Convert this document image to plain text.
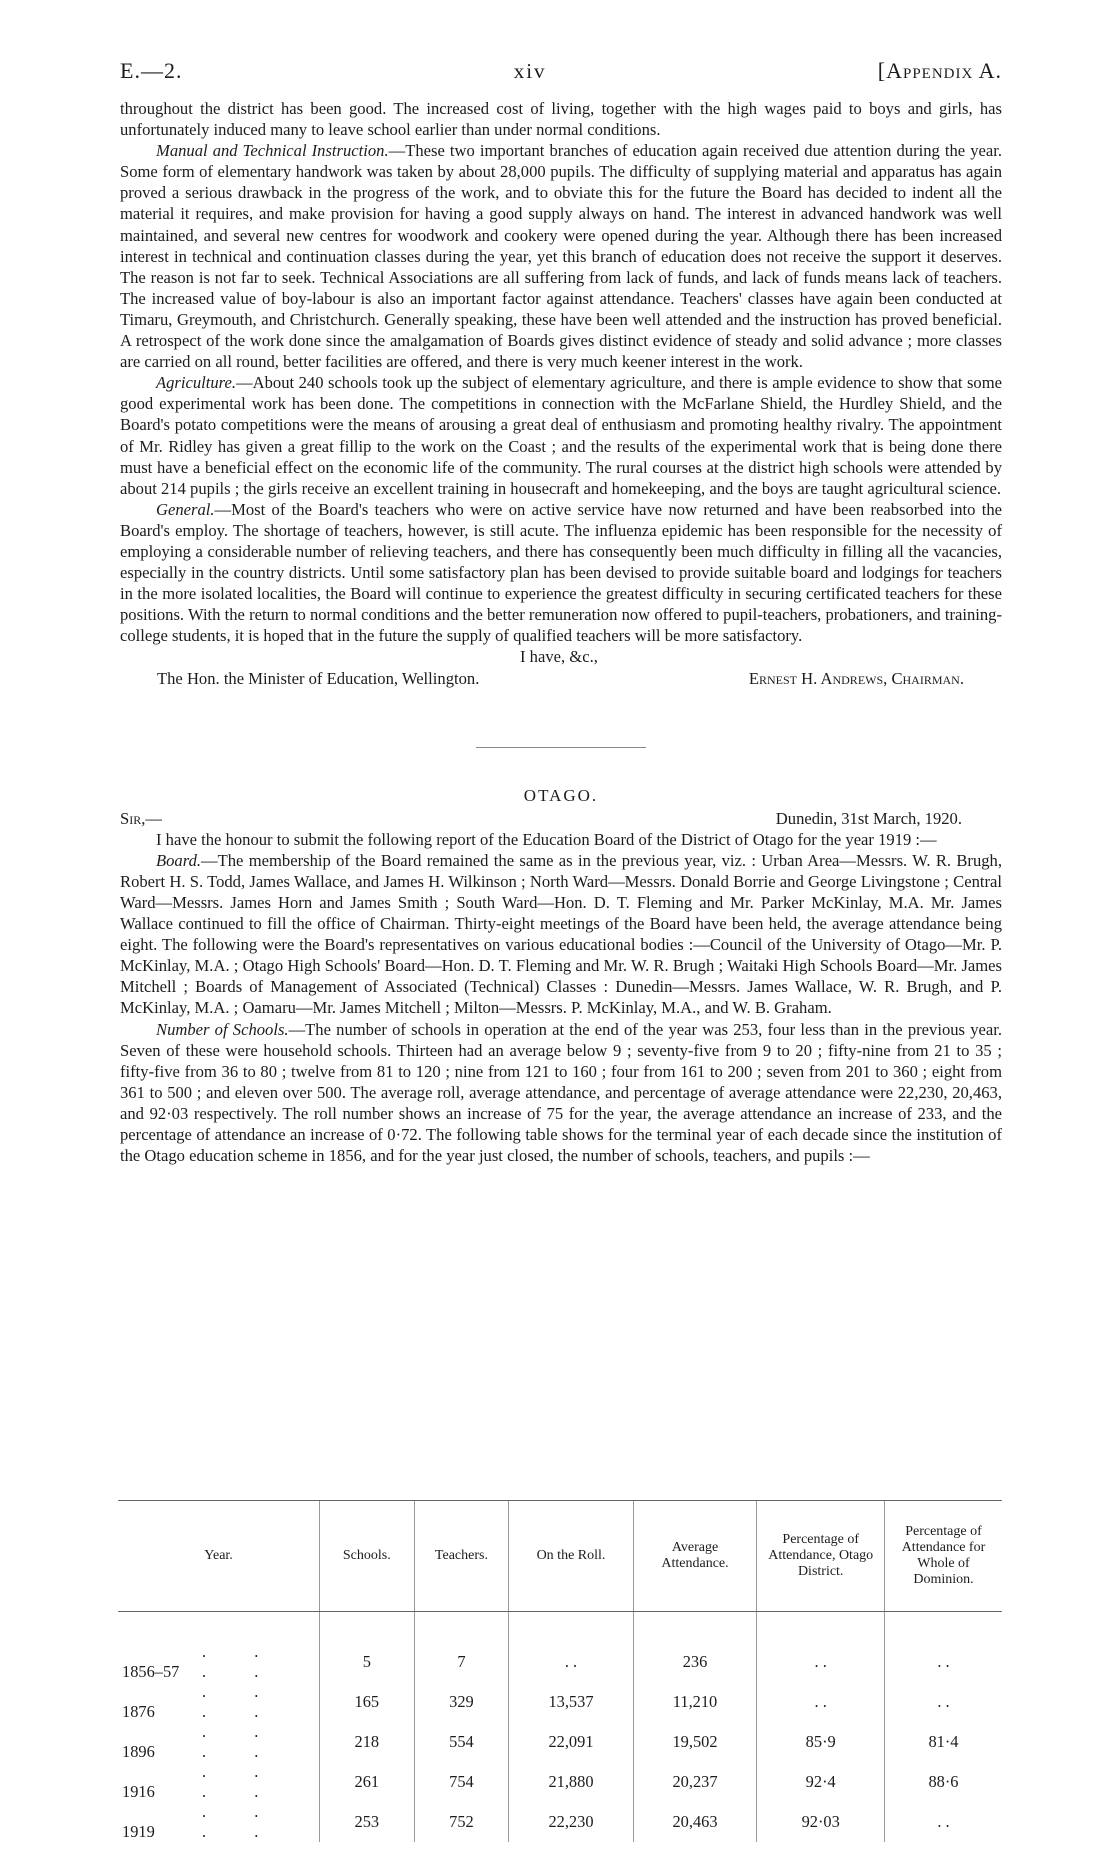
E.—2.	xiv	[Appendix A.

throughout the district has been good. The increased cost of living, together with the high wages paid to boys and girls, has unfortunately induced many to leave school earlier than under normal conditions.

Manual and Technical Instruction.—These two important branches of education again received due attention during the year. Some form of elementary handwork was taken by about 28,000 pupils. The difficulty of supplying material and apparatus has again proved a serious drawback in the progress of the work, and to obviate this for the future the Board has decided to indent all the material it requires, and make provision for having a good supply always on hand. The interest in advanced handwork was well maintained, and several new centres for woodwork and cookery were opened during the year. Although there has been increased interest in technical and continuation classes during the year, yet this branch of education does not receive the support it deserves. The reason is not far to seek. Technical Associations are all suffering from lack of funds, and lack of funds means lack of teachers. The increased value of boy-labour is also an important factor against attendance. Teachers' classes have again been conducted at Timaru, Greymouth, and Christchurch. Generally speaking, these have been well attended and the instruction has proved beneficial. A retrospect of the work done since the amalgamation of Boards gives distinct evidence of steady and solid advance ; more classes are carried on all round, better facilities are offered, and there is very much keener interest in the work.

Agriculture.—About 240 schools took up the subject of elementary agriculture, and there is ample evidence to show that some good experimental work has been done. The competitions in connection with the McFarlane Shield, the Hurdley Shield, and the Board's potato competitions were the means of arousing a great deal of enthusiasm and promoting healthy rivalry. The appointment of Mr. Ridley has given a great fillip to the work on the Coast ; and the results of the experimental work that is being done there must have a beneficial effect on the economic life of the community. The rural courses at the district high schools were attended by about 214 pupils ; the girls receive an excellent training in housecraft and homekeeping, and the boys are taught agricultural science.

General.—Most of the Board's teachers who were on active service have now returned and have been reabsorbed into the Board's employ. The shortage of teachers, however, is still acute. The influenza epidemic has been responsible for the necessity of employing a considerable number of relieving teachers, and there has consequently been much difficulty in filling all the vacancies, especially in the country districts. Until some satisfactory plan has been devised to provide suitable board and lodgings for teachers in the more isolated localities, the Board will continue to experience the greatest difficulty in securing certificated teachers for these positions. With the return to normal conditions and the better remuneration now offered to pupil-teachers, probationers, and training-college students, it is hoped that in the future the supply of qualified teachers will be more satisfactory.

I have, &c.,
The Hon. the Minister of Education, Wellington.	Ernest H. Andrews, Chairman.
OTAGO.
Sir,—	Dunedin, 31st March, 1920.

I have the honour to submit the following report of the Education Board of the District of Otago for the year 1919 :—

Board.—The membership of the Board remained the same as in the previous year, viz. : Urban Area—Messrs. W. R. Brugh, Robert H. S. Todd, James Wallace, and James H. Wilkinson ; North Ward—Messrs. Donald Borrie and George Livingstone ; Central Ward—Messrs. James Horn and James Smith ; South Ward—Hon. D. T. Fleming and Mr. Parker McKinlay, M.A. Mr. James Wallace continued to fill the office of Chairman. Thirty-eight meetings of the Board have been held, the average attendance being eight. The following were the Board's representatives on various educational bodies :—Council of the University of Otago—Mr. P. McKinlay, M.A. ; Otago High Schools' Board—Hon. D. T. Fleming and Mr. W. R. Brugh ; Waitaki High Schools Board—Mr. James Mitchell ; Boards of Management of Associated (Technical) Classes : Dunedin—Messrs. James Wallace, W. R. Brugh, and P. McKinlay, M.A. ; Oamaru—Mr. James Mitchell ; Milton—Messrs. P. McKinlay, M.A., and W. B. Graham.

Number of Schools.—The number of schools in operation at the end of the year was 253, four less than in the previous year. Seven of these were household schools. Thirteen had an average below 9 ; seventy-five from 9 to 20 ; fifty-nine from 21 to 35 ; fifty-five from 36 to 80 ; twelve from 81 to 120 ; nine from 121 to 160 ; four from 161 to 200 ; seven from 201 to 360 ; eight from 361 to 500 ; and eleven over 500. The average roll, average attendance, and percentage of average attendance were 22,230, 20,463, and 92·03 respectively. The roll number shows an increase of 75 for the year, the average attendance an increase of 233, and the percentage of attendance an increase of 0·72. The following table shows for the terminal year of each decade since the institution of the Otago education scheme in 1856, and for the year just closed, the number of schools, teachers, and pupils :—

Year.	Schools.	Teachers.	On the Roll.	Average Attendance.	Percentage of Attendance, Otago District.	Percentage of Attendance for Whole of Dominion.
1856–57. . . .	5	7	. .	236	. .	. .
1876. . . .	165	329	13,537	11,210	. .	. .
1896. . . .	218	554	22,091	19,502	85·9	81·4
1916. . . .	261	754	21,880	20,237	92·4	88·6
1919. . . .	253	752	22,230	20,463	92·03	. .
